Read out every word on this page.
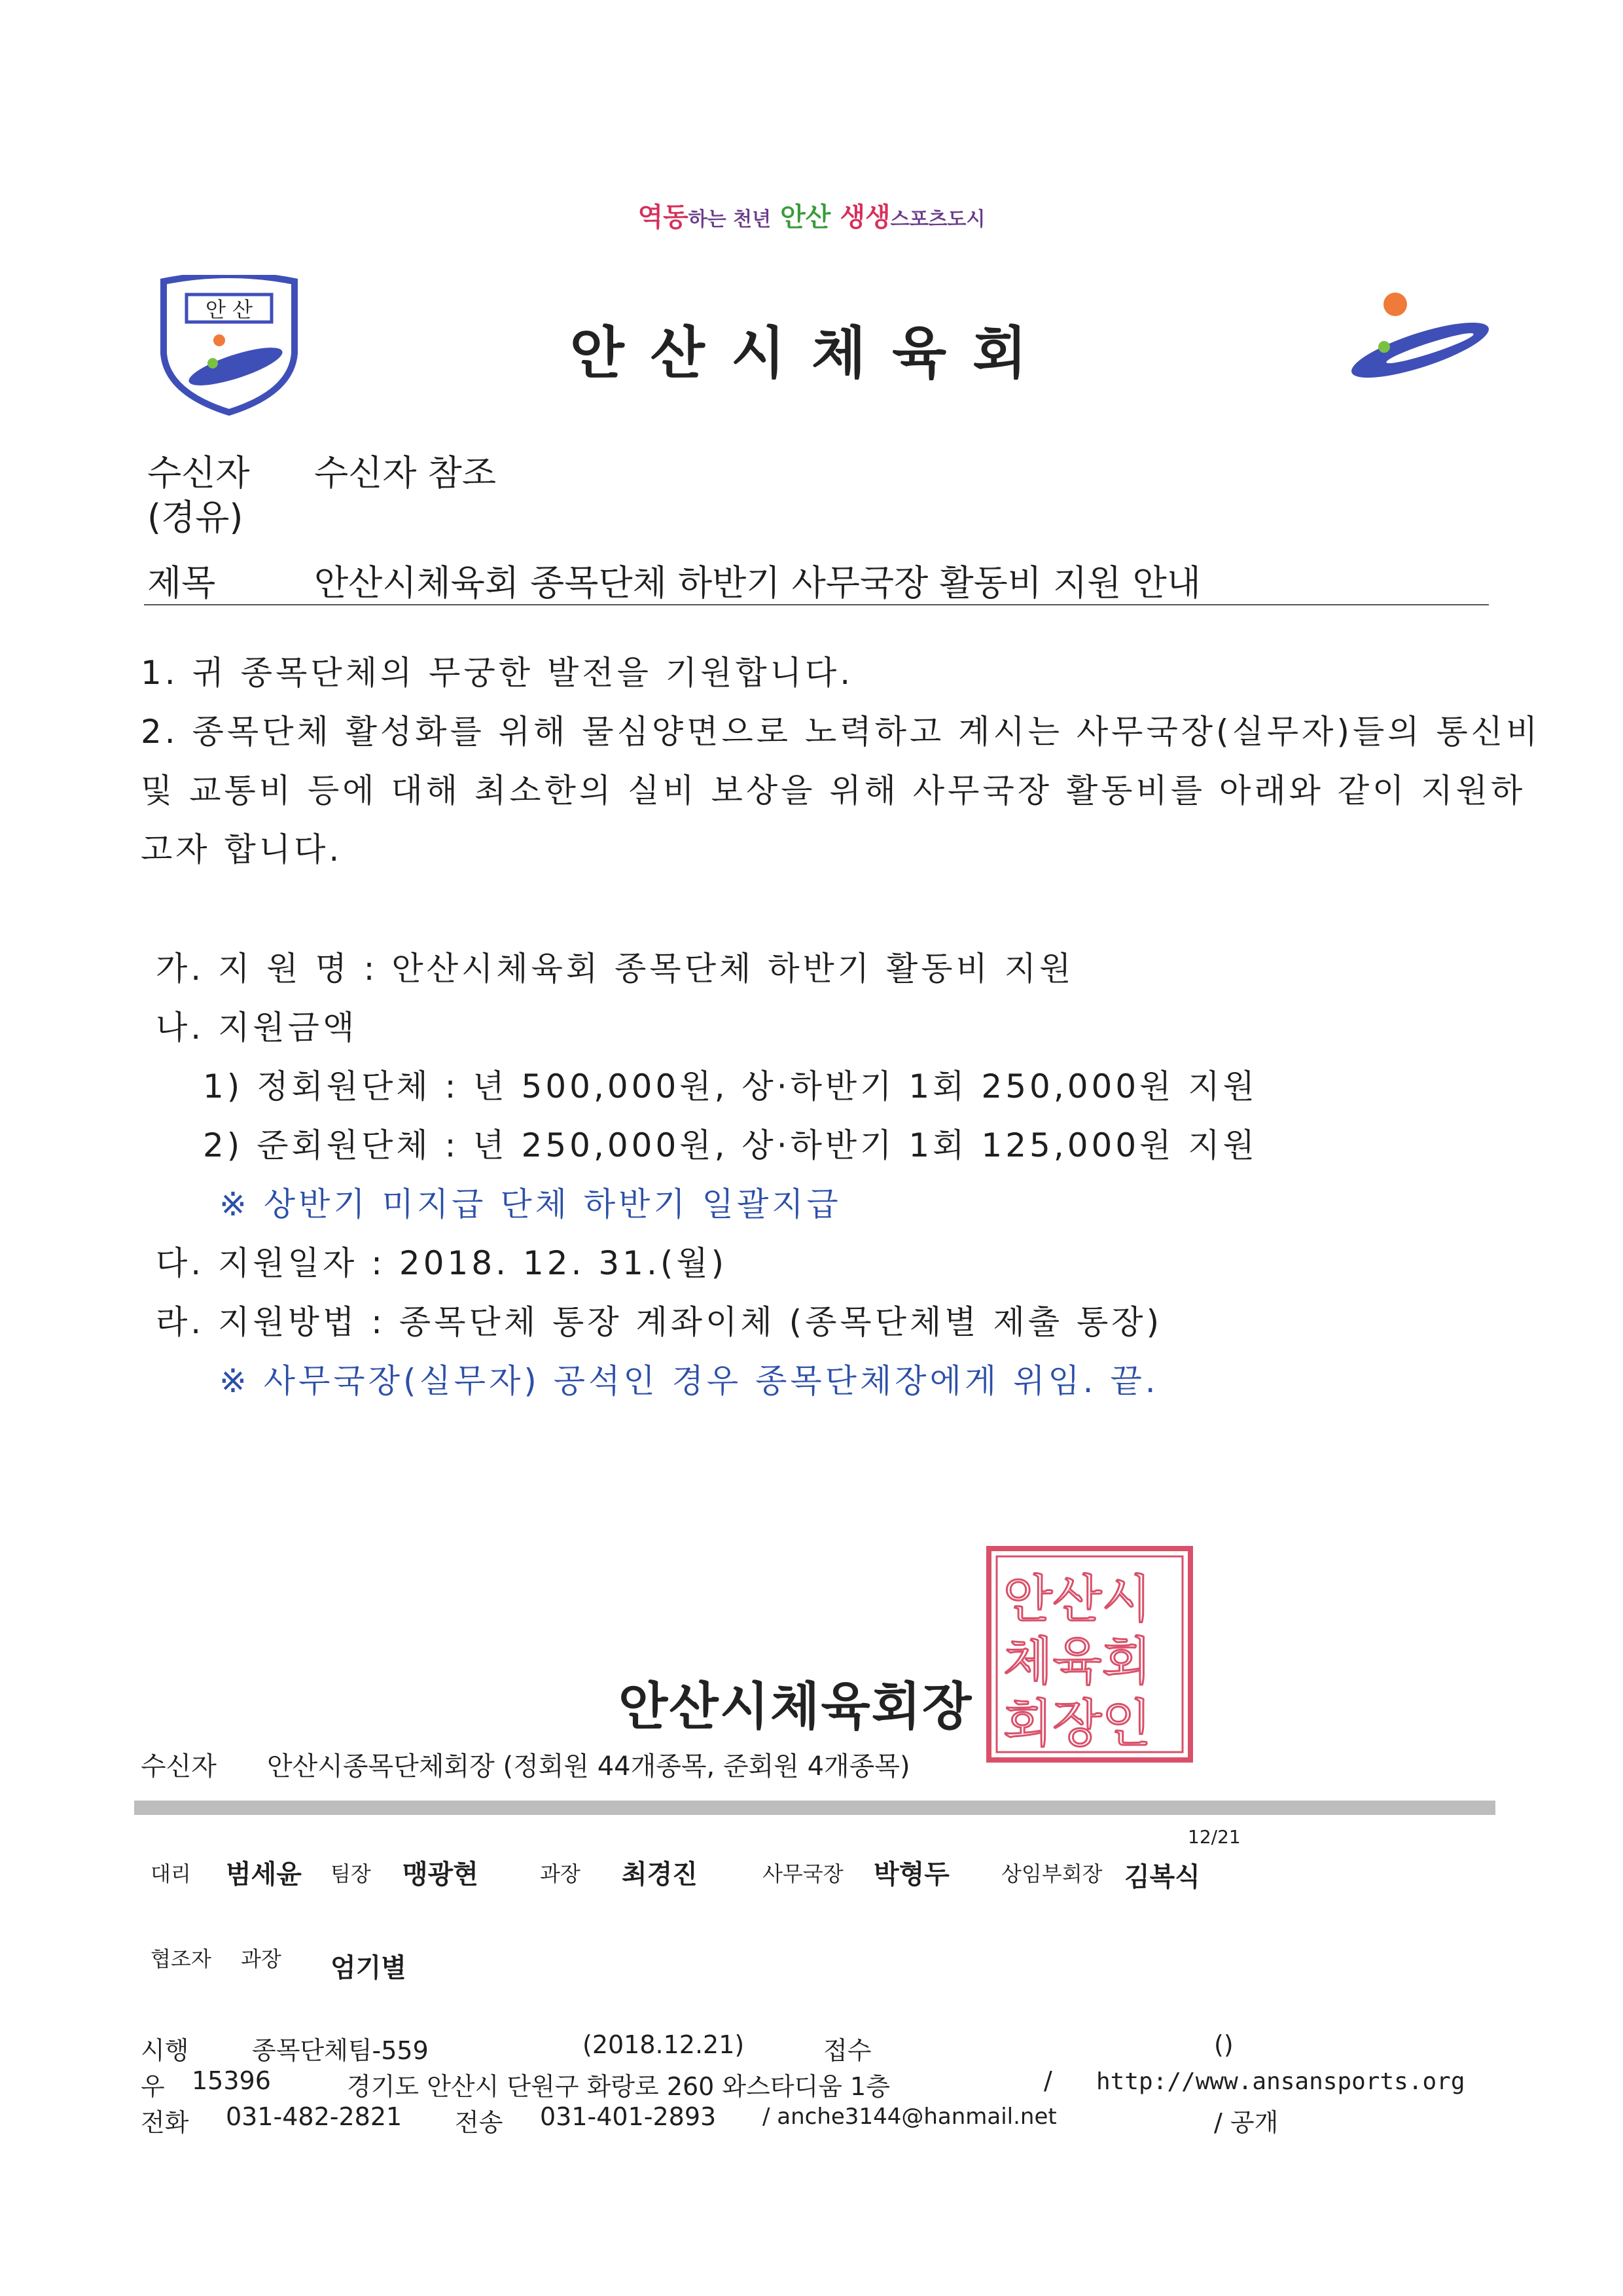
역동하는 천년 안산 생생스포츠도시
안 산
안산시체육회
수신자 수신자 참조
(경유)
제목	안산시체육회 종목단체 하반기 사무국장 활동비 지원 안내
1. 귀 종목단체의 무궁한 발전을 기원합니다.
2. 종목단체 활성화를 위해 물심양면으로 노력하고 계시는 사무국장(실무자)들의 통신비
및 교통비 등에 대해 최소한의 실비 보상을 위해 사무국장 활동비를 아래와 같이 지원하
고자 합니다.
가. 지 원 명 : 안산시체육회 종목단체 하반기 활동비 지원
나. 지원금액
1) 정회원단체 : 년 500,000원, 상·하반기 1회 250,000원 지원
2) 준회원단체 : 년 250,000원, 상·하반기 1회 125,000원 지원
※ 상반기 미지급 단체 하반기 일괄지급
다. 지원일자 : 2018. 12. 31.(월)
라. 지원방법 : 종목단체 통장 계좌이체 (종목단체별 제출 통장)
※ 사무국장(실무자) 공석인 경우 종목단체장에게 위임. 끝.
안산시 체육회 회장인
안산시체육회장
수신자 안산시종목단체회장 (정회원 44개종목, 준회원 4개종목)
12/21
대리 범세윤 팀장 맹광현	과장 최경진	사무국장 박형두 상임부회장 김복식
협조자 과장 엄기별
시행	종목단체팀-559	(2018.12.21)	접수	()
우 15396	경기도 안산시 단원구 화랑로 260 와스타디움 1층	/ http://www.ansansports.org
전화 031-482-2821 전송 031-401-2893 / anche3144@hanmail.net	/ 공개
